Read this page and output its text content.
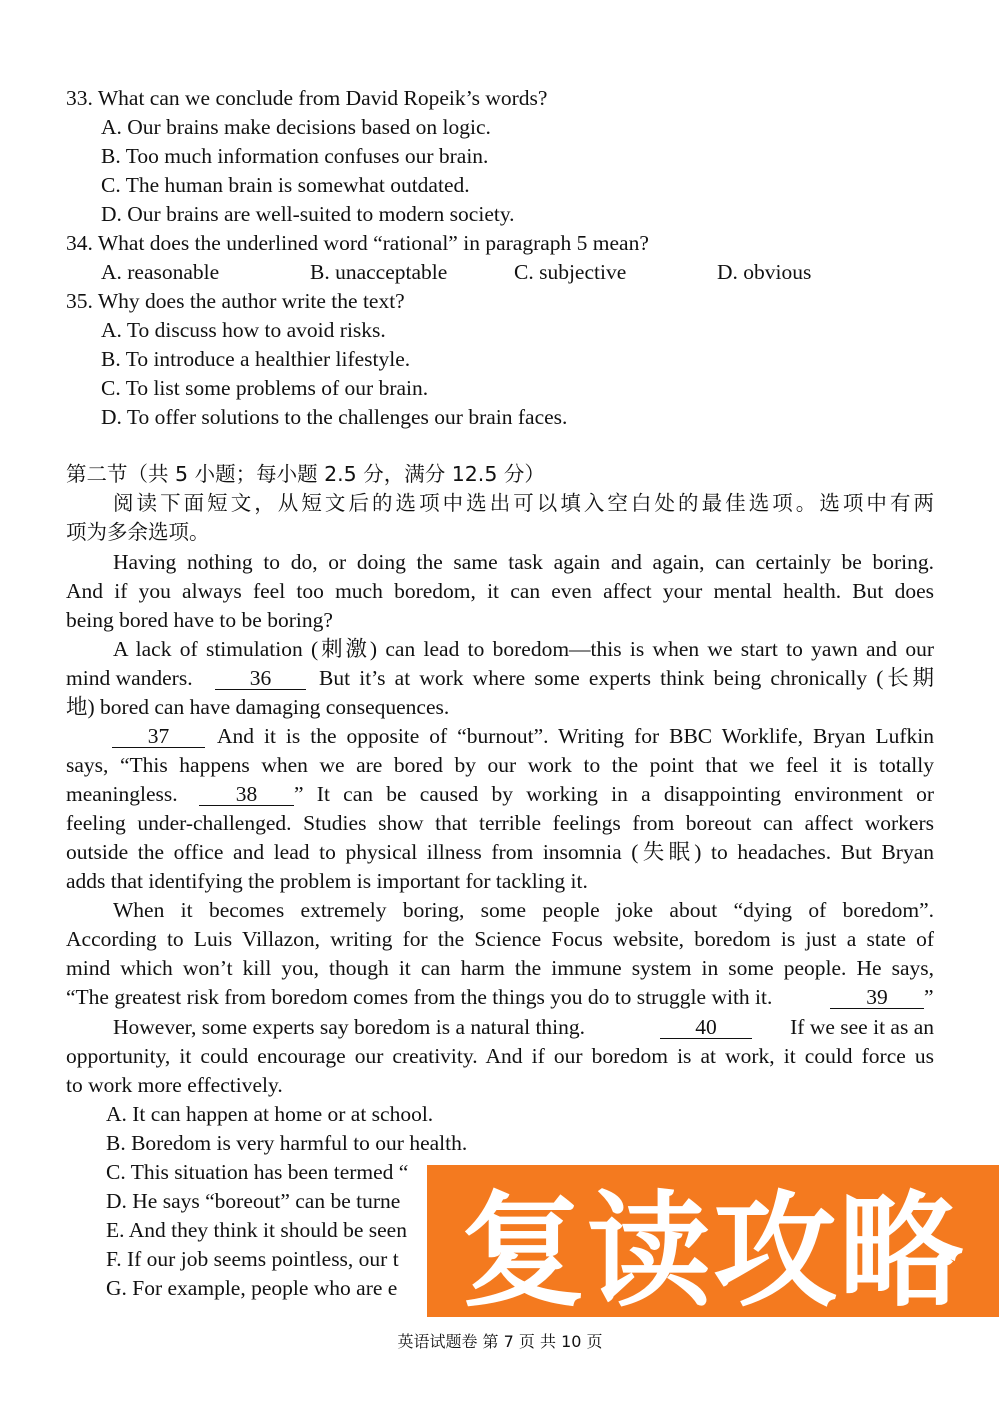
33. What can we conclude from David Ropeik’s words?
A. Our brains make decisions based on logic.
B. Too much information confuses our brain.
C. The human brain is somewhat outdated.
D. Our brains are well-suited to modern society.
34. What does the underlined word “rational” in paragraph 5 mean?
A. reasonable	B. unacceptable	C. subjective	D. obvious
35. Why does the author write the text?
A. To discuss how to avoid risks.
B. To introduce a healthier lifestyle.
C. To list some problems of our brain.
D. To offer solutions to the challenges our brain faces.
第二节（共 5 小题；每小题 2.5 分，满分 12.5 分）
阅读下面短文，从短文后的选项中选出可以填入空白处的最佳选项。选项中有两
项为多余选项。
Having nothing to do, or doing the same task again and again, can certainly be boring.
And if you always feel too much boredom, it can even affect your mental health. But does
being bored have to be boring?
A lack of stimulation (刺激) can lead to boredom—this is when we start to yawn and our
mind wanders.	36	But it’s at work where some experts think being chronically (长期
地) bored can have damaging consequences.
37	And it is the opposite of “burnout”. Writing for BBC Worklife, Bryan Lufkin
says, “This happens when we are bored by our work to the point that we feel it is totally
meaningless.	38	” It can be caused by working in a disappointing environment or
feeling under-challenged. Studies show that terrible feelings from boreout can affect workers
outside the office and lead to physical illness from insomnia (失眠) to headaches. But Bryan
adds that identifying the problem is important for tackling it.
When it becomes extremely boring, some people joke about “dying of boredom”.
According to Luis Villazon, writing for the Science Focus website, boredom is just a state of
mind which won’t kill you, though it can harm the immune system in some people. He says,
“The greatest risk from boredom comes from the things you do to struggle with it.	39	”
However, some experts say boredom is a natural thing.	40	If we see it as an
opportunity, it could encourage our creativity. And if our boredom is at work, it could force us
to work more effectively.
A. It can happen at home or at school.
B. Boredom is very harmful to our health.
C. This situation has been termed “
D. He says “boreout” can be turne
E. And they think it should be seen
F. If our job seems pointless, our t
G. For example, people who are e 复读攻略
英语试题卷 第 7 页 共 10 页
